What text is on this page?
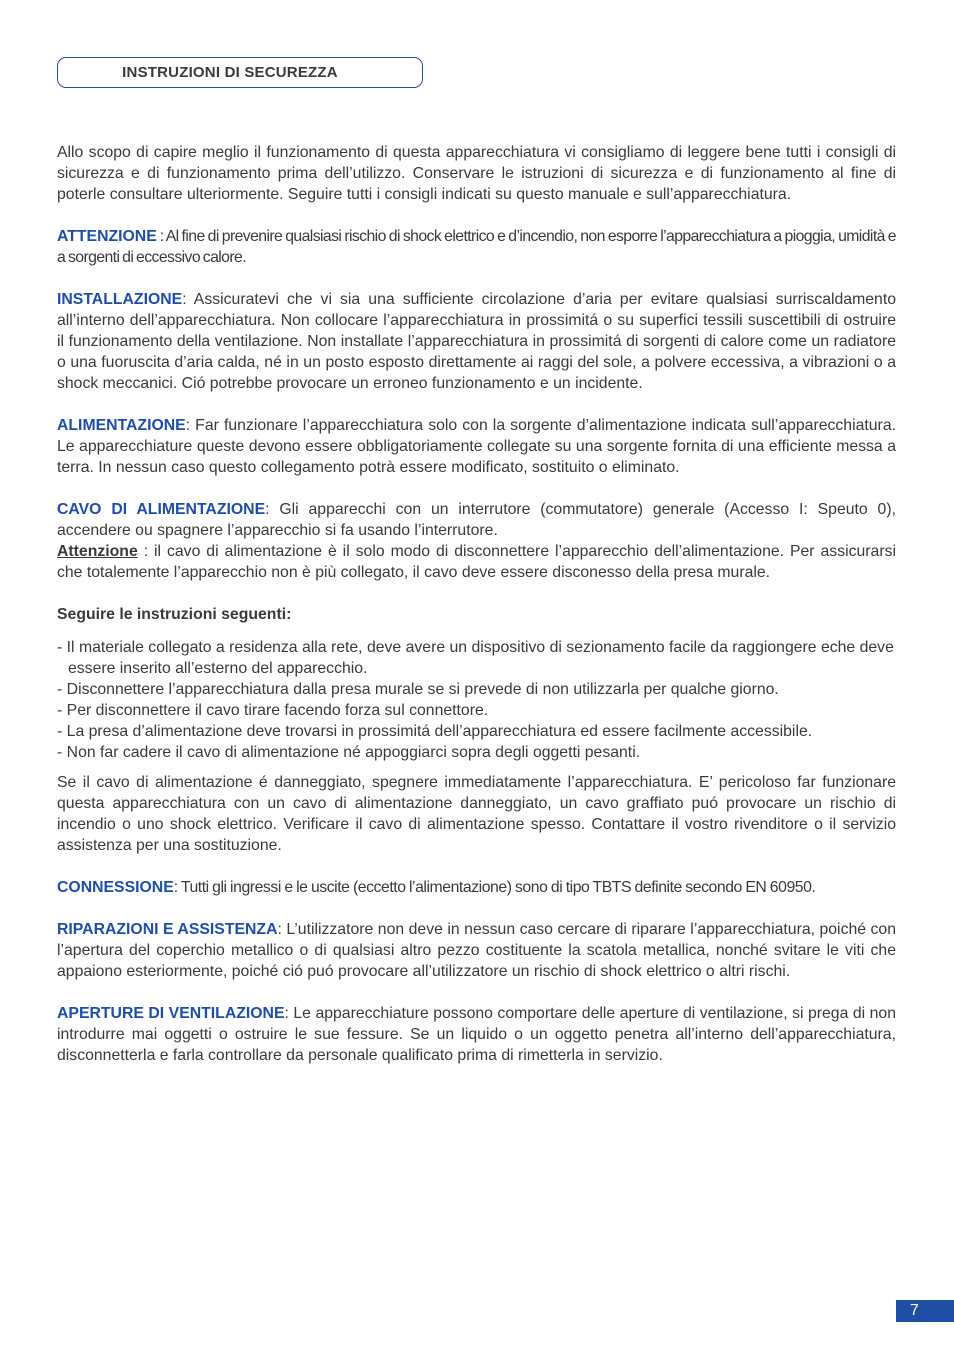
INSTRUZIONI DI SECUREZZA

Allo scopo di capire meglio il funzionamento di questa apparecchiatura vi consigliamo di leggere bene tutti i consigli di sicurezza e di funzionamento prima dell’utilizzo. Conservare le istruzioni di sicurezza e di funzionamento al fine di poterle consultare ulteriormente. Seguire tutti i consigli indicati su questo manuale e sull’apparecchiatura.

ATTENZIONE : Al fine di prevenire qualsiasi rischio di shock elettrico e d’incendio, non esporre l’apparecchiatura a pioggia, umidità e a sorgenti di eccessivo calore.

INSTALLAZIONE: Assicuratevi che vi sia una sufficiente circolazione d’aria per evitare qualsiasi surriscaldamento all’interno dell’apparecchiatura. Non collocare l’apparecchiatura in prossimitá o su superfici tessili suscettibili di ostruire il funzionamento della ventilazione. Non installate l’apparecchiatura in prossimitá di sorgenti di calore come un radiatore o una fuoruscita d’aria calda, né in un posto esposto direttamente ai raggi del sole, a polvere eccessiva, a vibrazioni o a shock meccanici. Ció potrebbe provocare un erroneo funzionamento e un incidente.

ALIMENTAZIONE: Far funzionare l’apparecchiatura solo con la sorgente d’alimentazione indicata sull’apparecchiatura. Le apparecchiature queste devono essere obbligatoriamente collegate su una sorgente fornita di una efficiente messa a terra. In nessun caso questo collegamento potrà essere modificato, sostituito o eliminato.

CAVO DI ALIMENTAZIONE: Gli apparecchi con un interrutore (commutatore) generale (Accesso I: Speuto 0), accendere ou spagnere l’apparecchio si fa usando l’interrutore.

Attenzione : il cavo di alimentazione è il solo modo di disconnettere l’apparecchio dell’alimentazione. Per assicurarsi che totalemente l’apparecchio non è più collegato, il cavo deve essere disconesso della presa murale.

Seguire le instruzioni seguenti:

- Il materiale collegato a residenza alla rete, deve avere un dispositivo di sezionamento facile da raggiongere eche deve essere inserito all’esterno del apparecchio.
- Disconnettere l’apparecchiatura dalla presa murale se si prevede di non utilizzarla per qualche giorno.
- Per disconnettere il cavo tirare facendo forza sul connettore.
- La presa d’alimentazione deve trovarsi in prossimitá dell’apparecchiatura ed essere facilmente accessibile.
- Non far cadere il cavo di alimentazione né appoggiarci sopra degli oggetti pesanti.

Se il cavo di alimentazione é danneggiato, spegnere immediatamente l’apparecchiatura. E’ pericoloso far funzionare questa apparecchiatura con un cavo di alimentazione danneggiato, un cavo graffiato puó provocare un rischio di incendio o uno shock elettrico. Verificare il cavo di alimentazione spesso. Contattare il vostro rivenditore o il servizio assistenza per una sostituzione.

CONNESSIONE: Tutti gli ingressi e le uscite (eccetto l’alimentazione) sono di tipo TBTS definite secondo EN 60950.

RIPARAZIONI E ASSISTENZA: L’utilizzatore non deve in nessun caso cercare di riparare l’apparecchiatura, poiché con l’apertura del coperchio metallico o di qualsiasi altro pezzo costituente la scatola metallica, nonché svitare le viti che appaiono esteriormente, poiché ció puó provocare all’utilizzatore un rischio di shock elettrico o altri rischi.

APERTURE DI VENTILAZIONE: Le apparecchiature possono comportare delle aperture di ventilazione, si prega di non introdurre mai oggetti o ostruire le sue fessure. Se un liquido o un oggetto penetra all’interno dell’apparecchiatura, disconnetterla e farla controllare da personale qualificato prima di rimetterla in servizio.

7
